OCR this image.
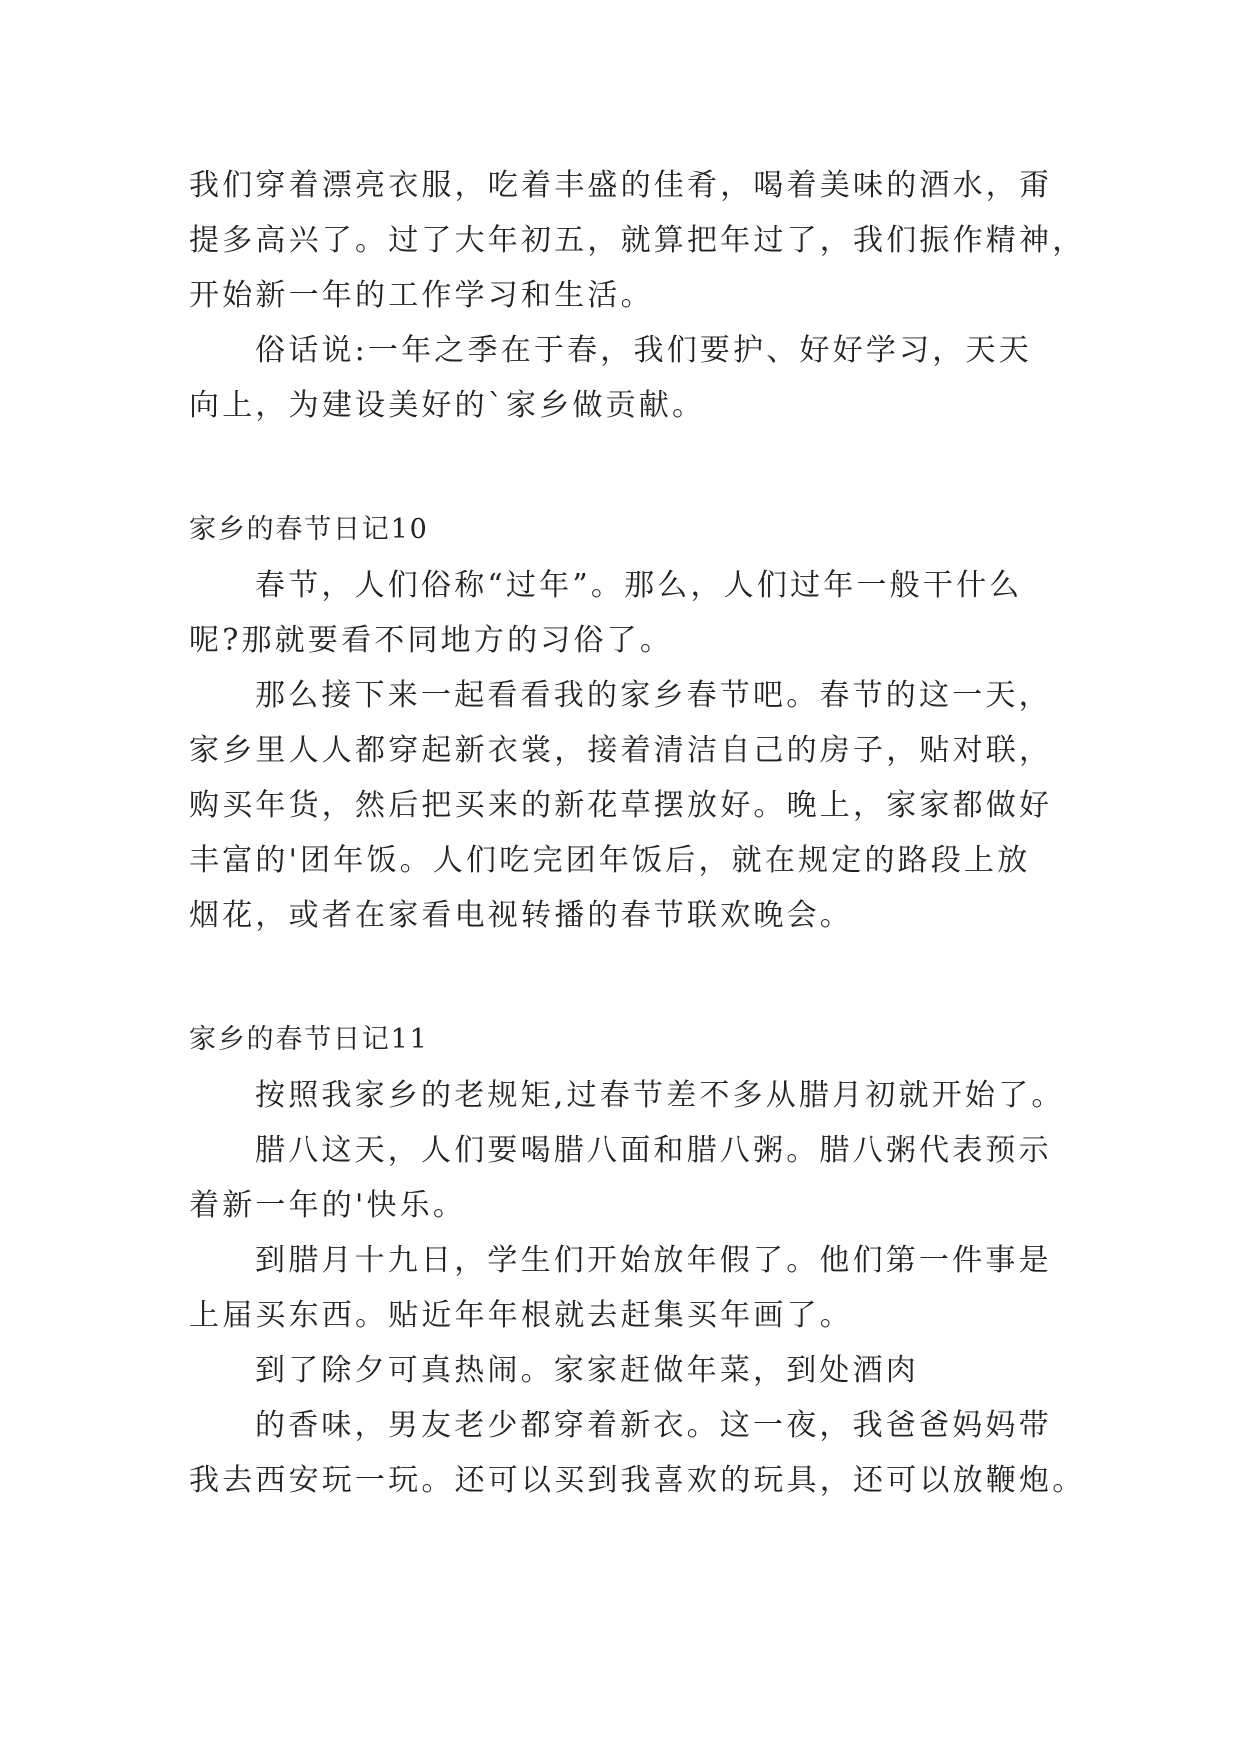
我们穿着漂亮衣服，吃着丰盛的佳肴，喝着美味的酒水，甭
提多高兴了。过了大年初五，就算把年过了，我们振作精神，
开始新一年的工作学习和生活。
俗话说:一年之季在于春，我们要护、好好学习，天天
向上，为建设美好的`家乡做贡献。
家乡的春节日记10
春节，人们俗称“过年”。那么，人们过年一般干什么
呢?那就要看不同地方的习俗了。
那么接下来一起看看我的家乡春节吧。春节的这一天，
家乡里人人都穿起新衣裳，接着清洁自己的房子，贴对联，
购买年货，然后把买来的新花草摆放好。晚上，家家都做好
丰富的'团年饭。人们吃完团年饭后，就在规定的路段上放
烟花，或者在家看电视转播的春节联欢晚会。
家乡的春节日记11
按照我家乡的老规矩,过春节差不多从腊月初就开始了。
腊八这天，人们要喝腊八面和腊八粥。腊八粥代表预示
着新一年的'快乐。
到腊月十九日，学生们开始放年假了。他们第一件事是
上届买东西。贴近年年根就去赶集买年画了。
到了除夕可真热闹。家家赶做年菜，到处酒肉
的香味，男友老少都穿着新衣。这一夜，我爸爸妈妈带
我去西安玩一玩。还可以买到我喜欢的玩具，还可以放鞭炮。
